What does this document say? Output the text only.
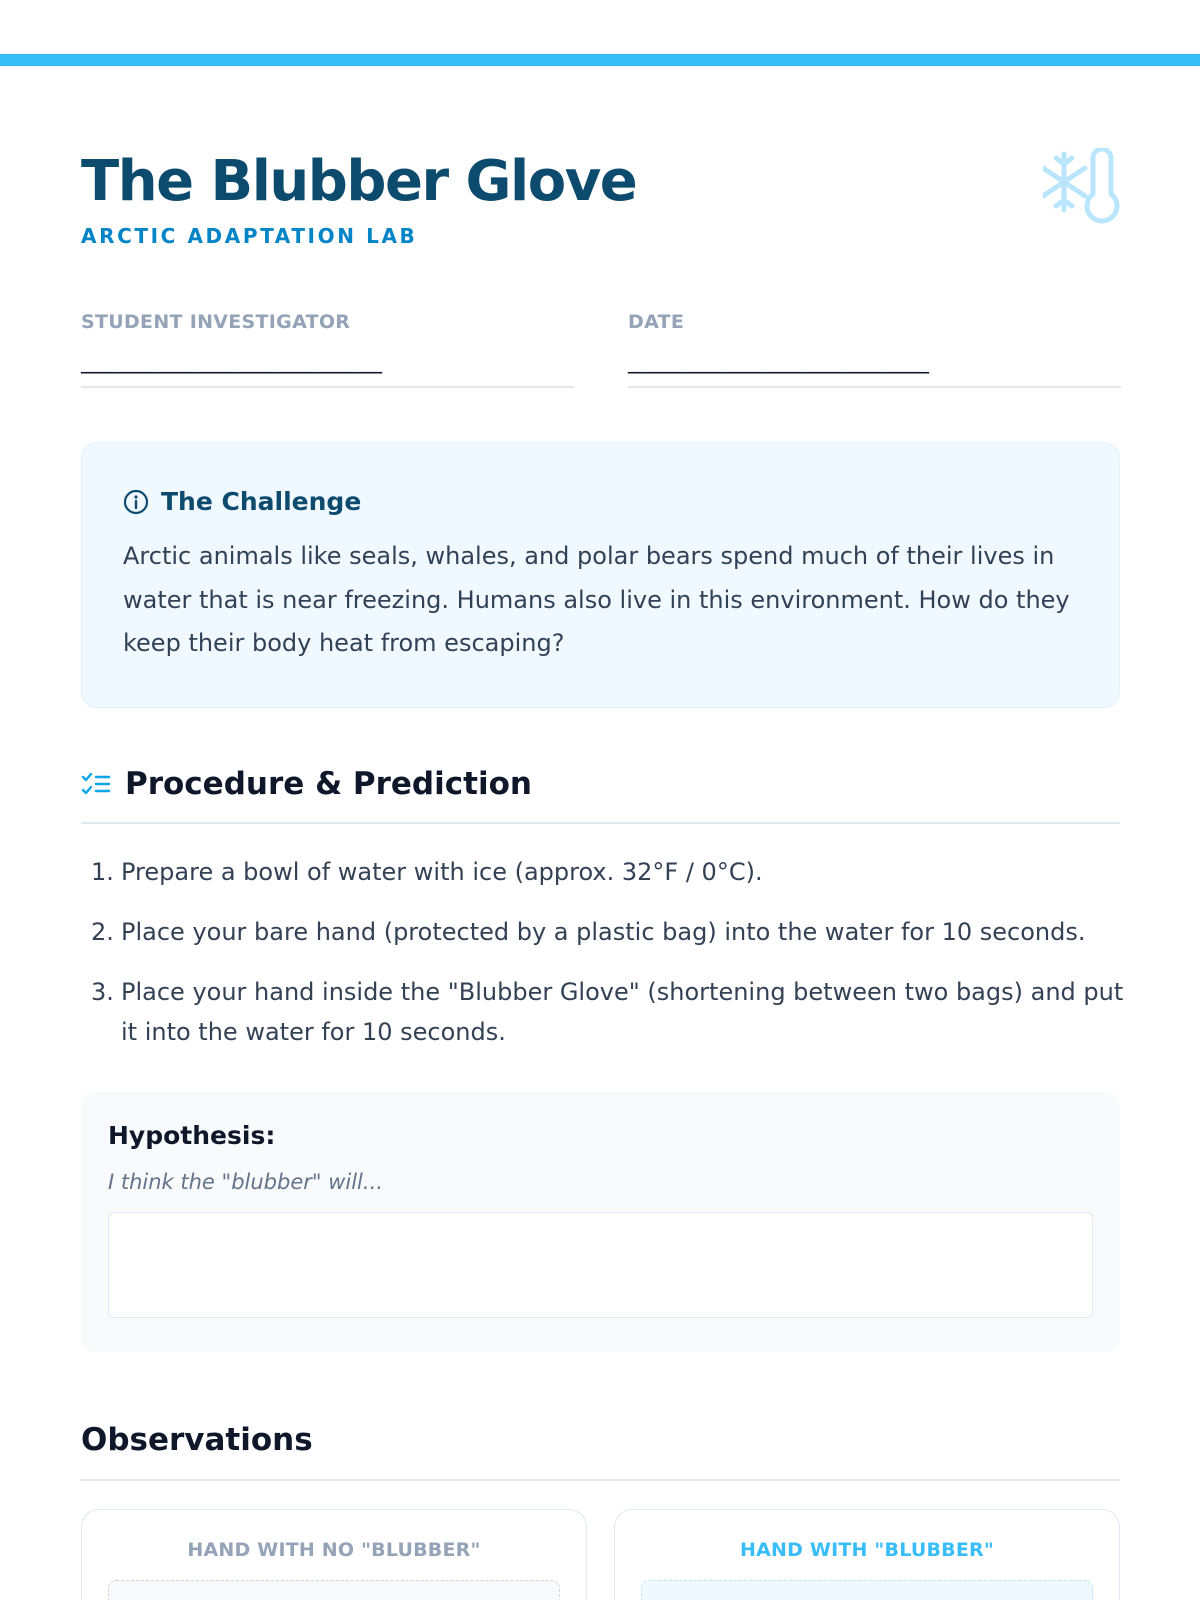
The Blubber Glove
ARCTIC ADAPTATION LAB
STUDENT INVESTIGATOR
______________________________
DATE
______________________________
The Challenge

Arctic animals like seals, whales, and polar bears spend much of their lives in water that is near freezing. Humans also live in this environment. How do they keep their body heat from escaping?

Procedure & Prediction
1. Prepare a bowl of water with ice (approx. 32°F / 0°C).
2. Place your bare hand (protected by a plastic bag) into the water for 10 seconds.
3. Place your hand inside the "Blubber Glove" (shortening between two bags) and put it into the water for 10 seconds.
Hypothesis:
I think the "blubber" will...
Observations
HAND WITH NO "BLUBBER"	HAND WITH "BLUBBER"
